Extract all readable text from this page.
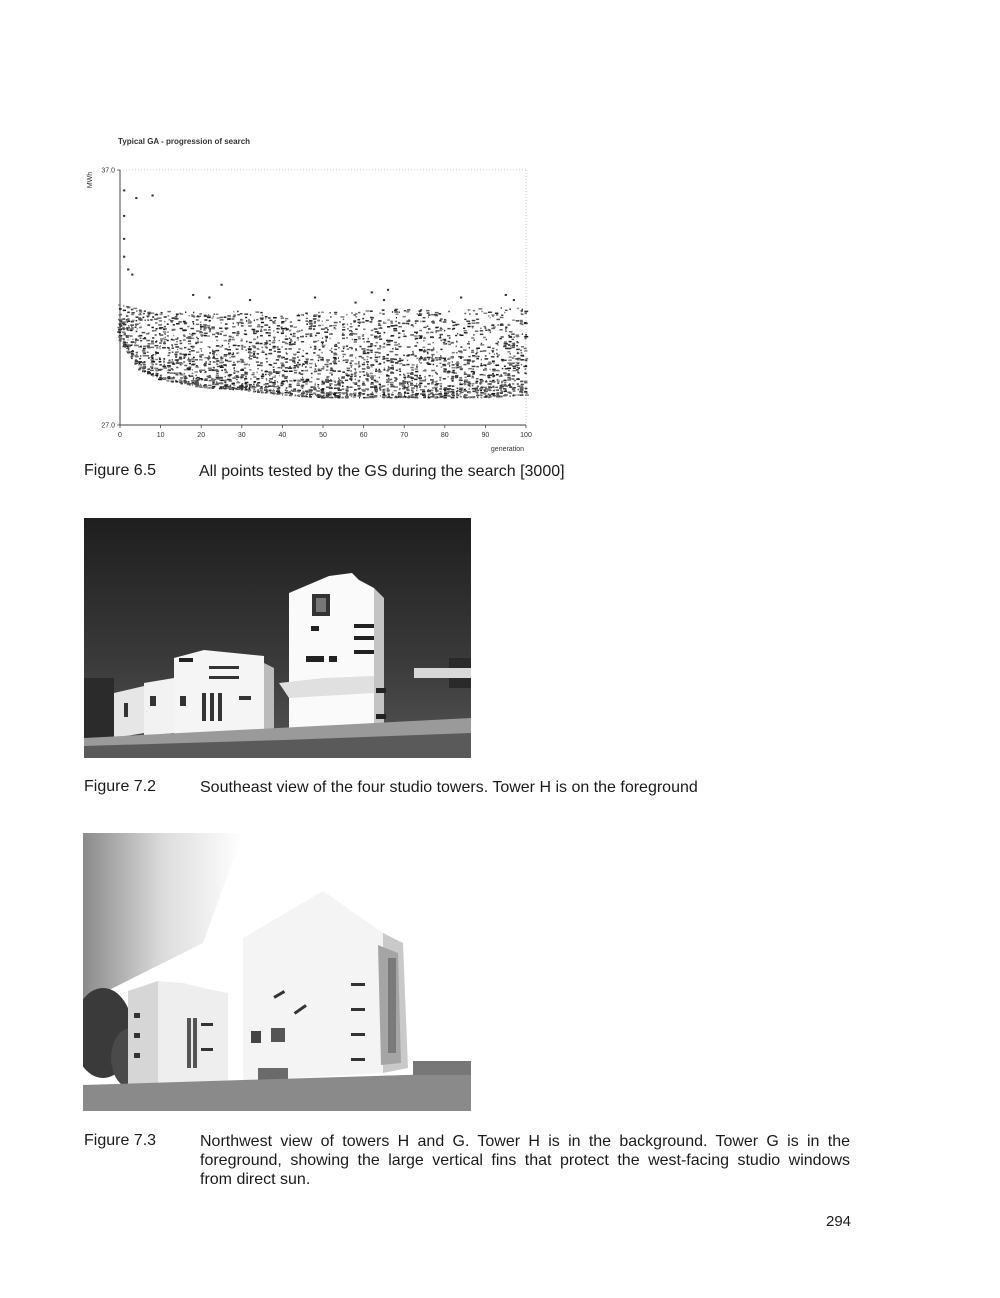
Typical GA - progression of search
0	10	20	30	40	50	60	70	80	90	100
27.0
37.0
generation
MWh
Figure 6.5	All points tested by the GS during the search [3000]
Figure 7.2	Southeast view of the four studio towers. Tower H is on the foreground
Figure 7.3	Northwest view of towers H and G. Tower H is in the background. Tower G is in the
foreground, showing the large vertical fins that protect the west-facing studio windows
from direct sun.
294
